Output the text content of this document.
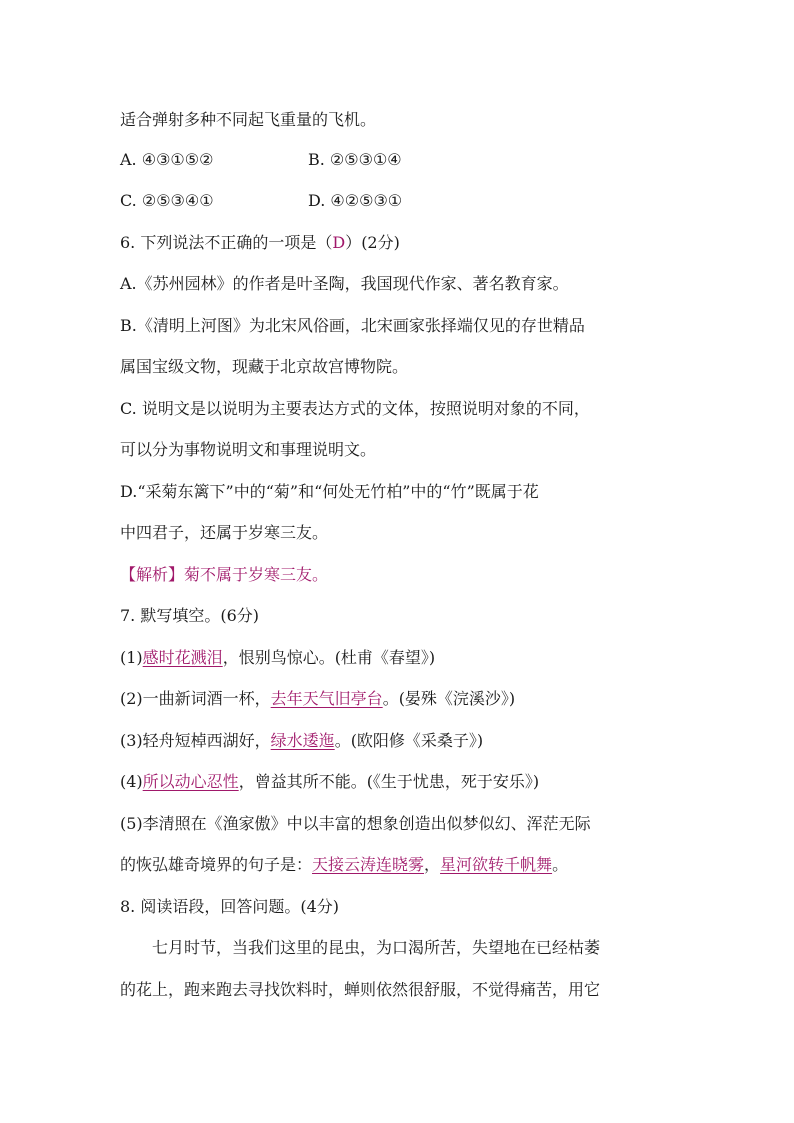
适合弹射多种不同起飞重量的飞机。
A. ④③①⑤②	B. ②⑤③①④
C. ②⑤③④①	D. ④②⑤③①
6. 下列说法不正确的一项是（D）(2分)
A.《苏州园林》的作者是叶圣陶，我国现代作家、著名教育家。
B.《清明上河图》为北宋风俗画，北宋画家张择端仅见的存世精品
属国宝级文物，现藏于北京故宫博物院。
C. 说明文是以说明为主要表达方式的文体，按照说明对象的不同，
可以分为事物说明文和事理说明文。
D.“采菊东篱下”中的“菊”和“何处无竹柏”中的“竹”既属于花
中四君子，还属于岁寒三友。
【解析】菊不属于岁寒三友。
7. 默写填空。(6分)
(1)感时花溅泪，恨别鸟惊心。(杜甫《春望》)
(2)一曲新词酒一杯，去年天气旧亭台。(晏殊《浣溪沙》)
(3)轻舟短棹西湖好，绿水逶迤。(欧阳修《采桑子》)
(4)所以动心忍性，曾益其所不能。(《生于忧患，死于安乐》)
(5)李清照在《渔家傲》中以丰富的想象创造出似梦似幻、浑茫无际
的恢弘雄奇境界的句子是：天接云涛连晓雾，星河欲转千帆舞。
8. 阅读语段，回答问题。(4分)
七月时节，当我们这里的昆虫，为口渴所苦，失望地在已经枯萎
的花上，跑来跑去寻找饮料时，蝉则依然很舒服，不觉得痛苦，用它
